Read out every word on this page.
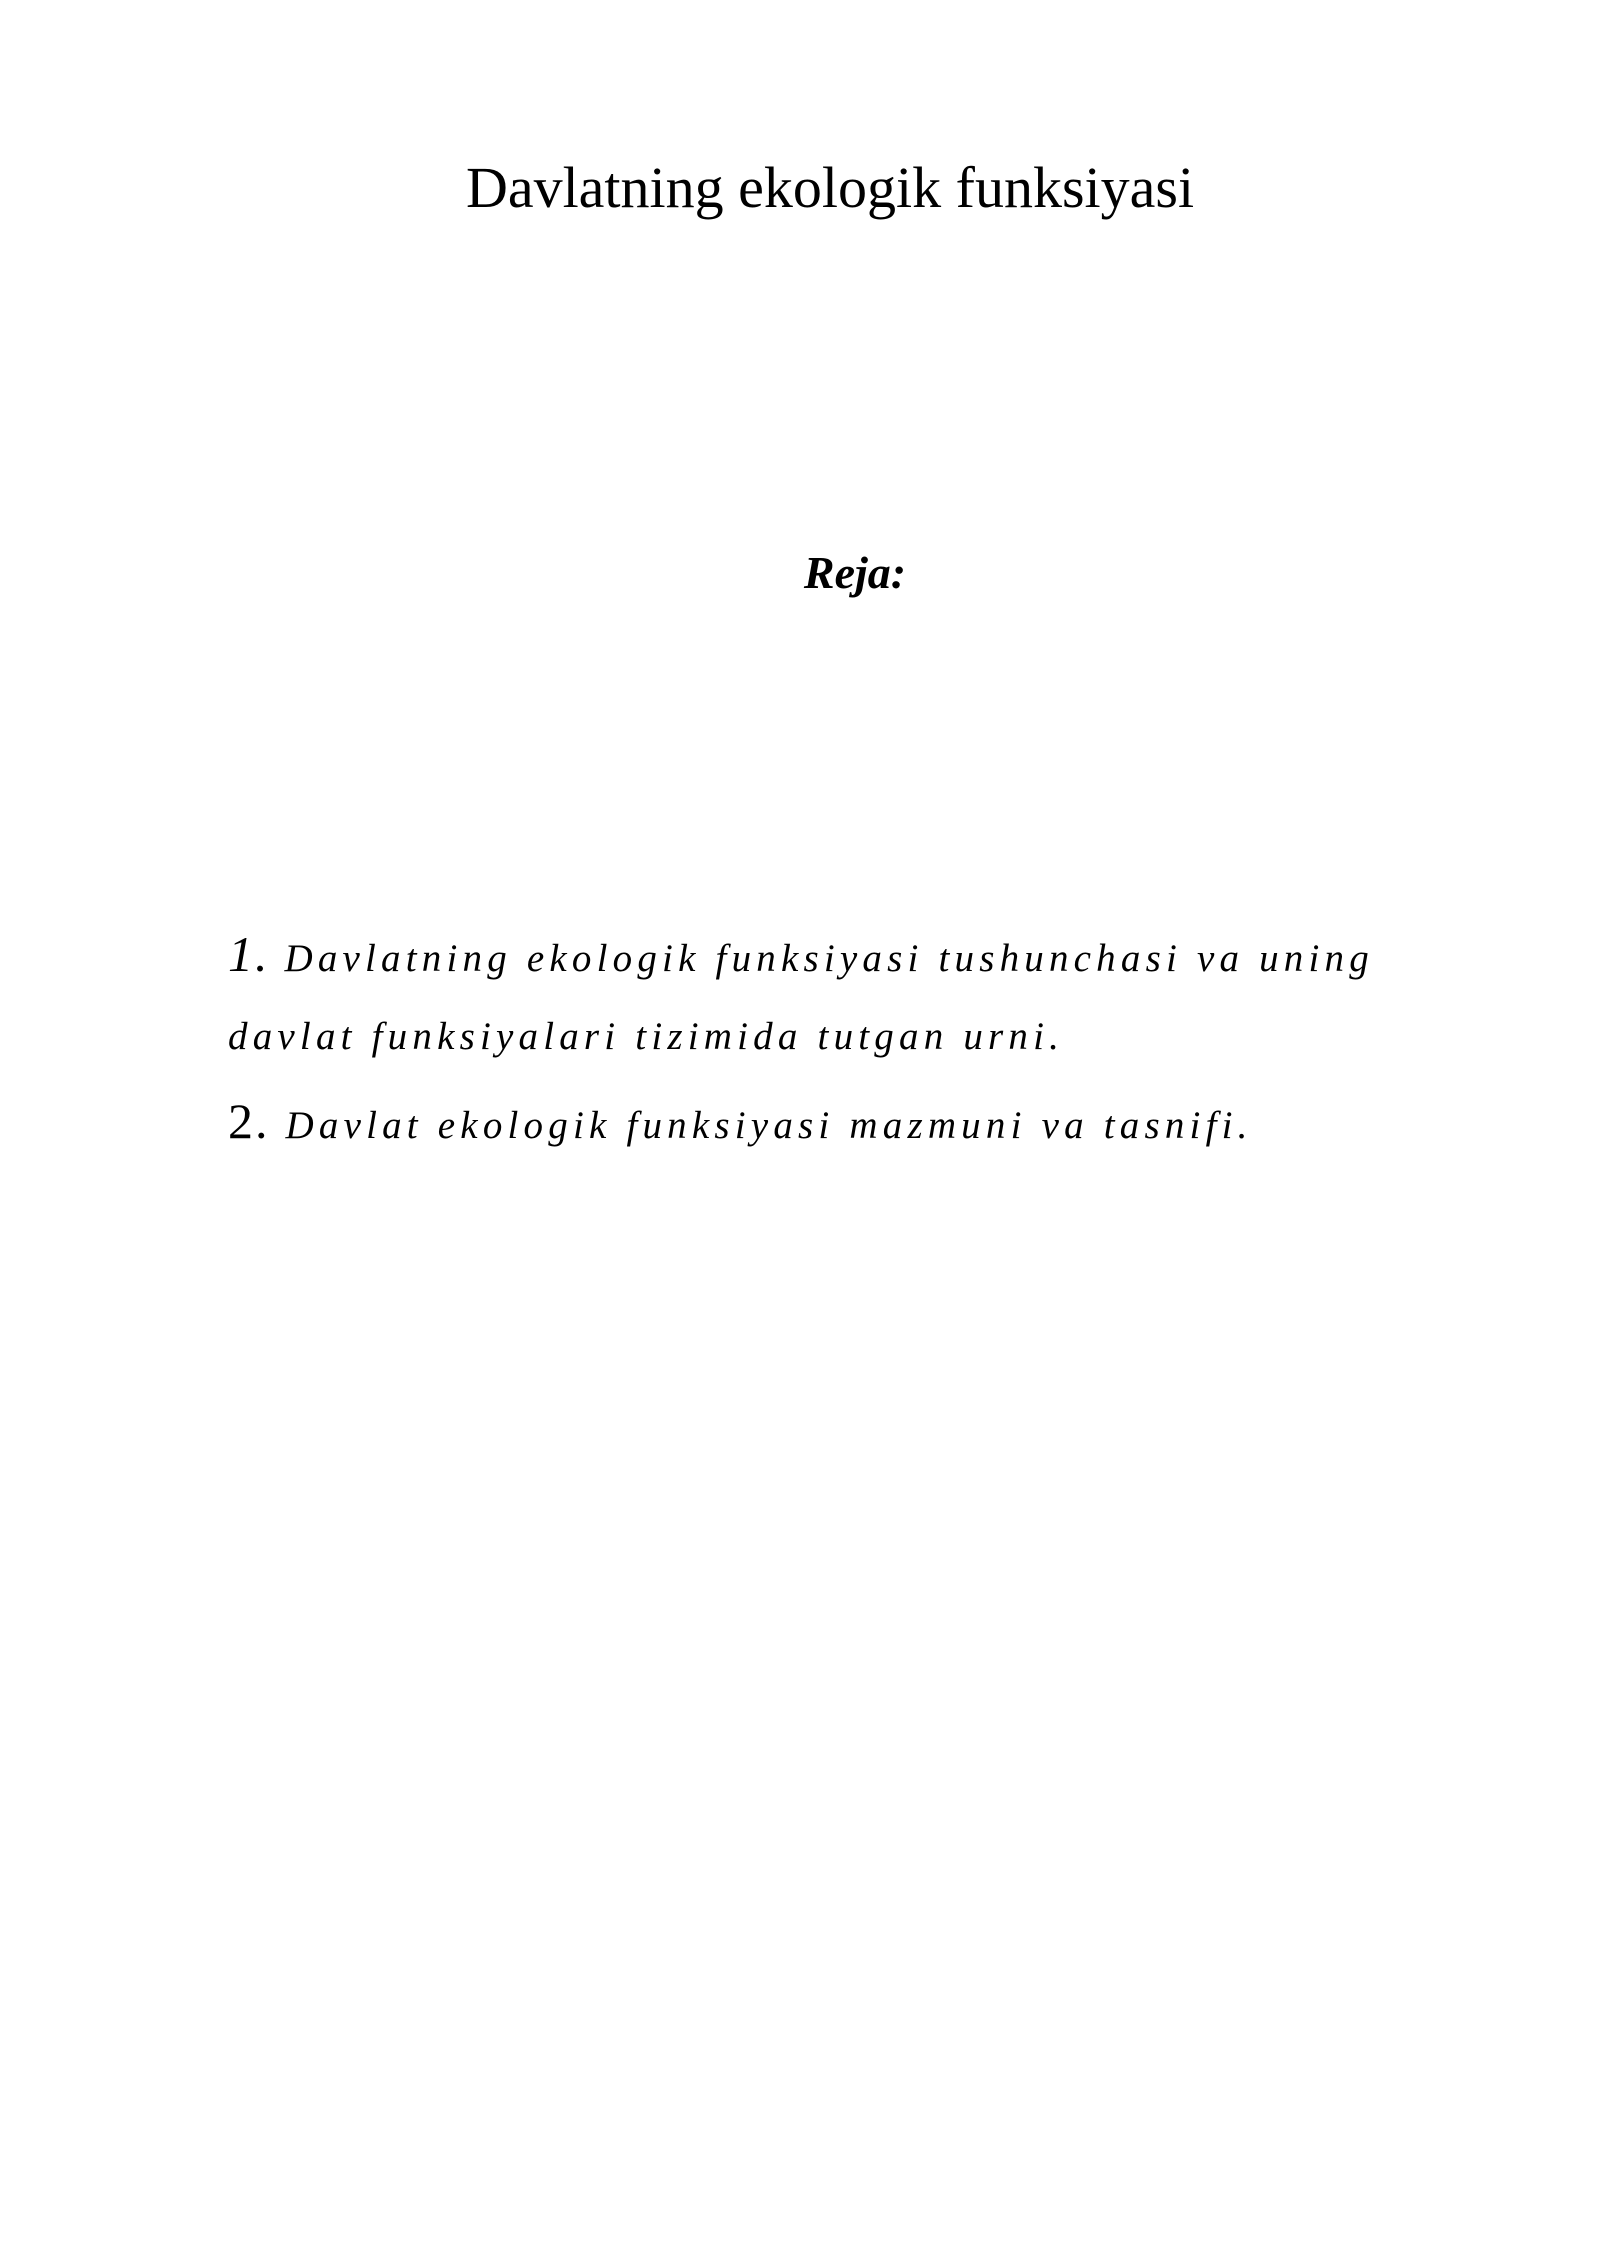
Davlatning ekologik funksiyasi
Reja:
1. Davlatning ekologik funksiyasi tushunchasi va uning davlat funksiyalari tizimida tutgan urni.
2. Davlat ekologik funksiyasi mazmuni va tasnifi.
